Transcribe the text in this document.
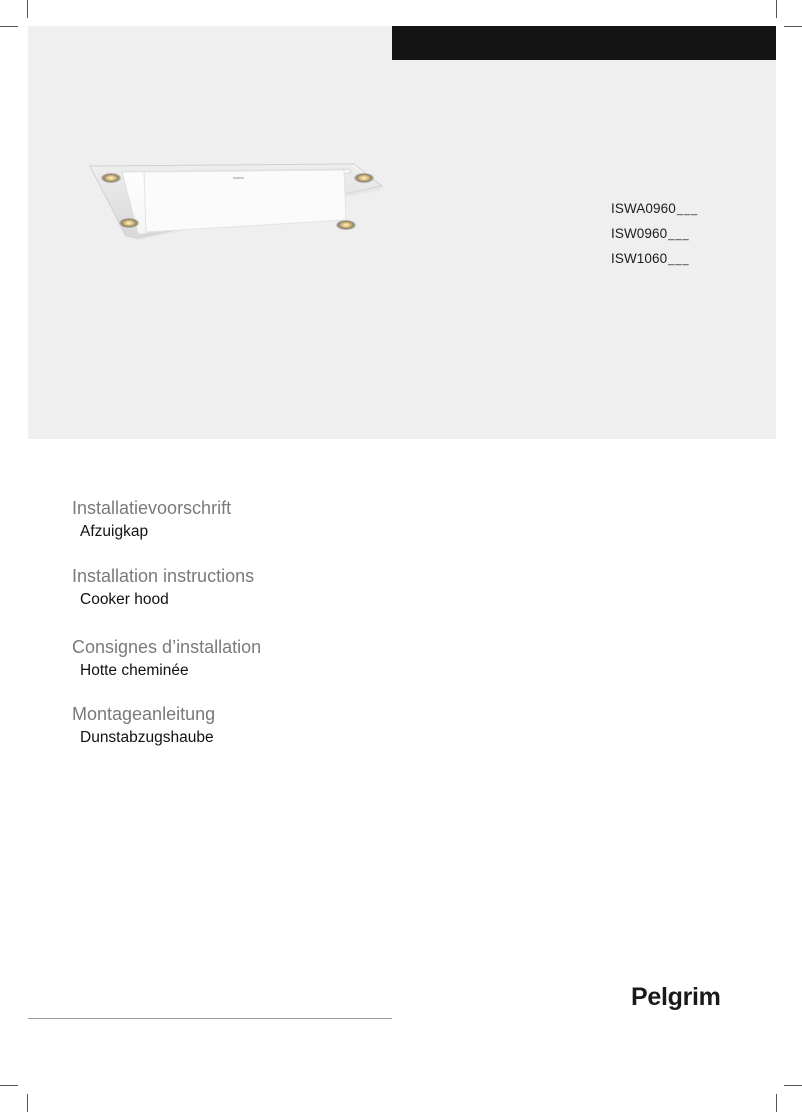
ISWA0960___
ISW0960___
ISW1060___
Installatievoorschrift
Afzuigkap
Installation instructions
Cooker hood
Consignes d’installation
Hotte cheminée
Montageanleitung
Dunstabzugshaube
Pelgrim
